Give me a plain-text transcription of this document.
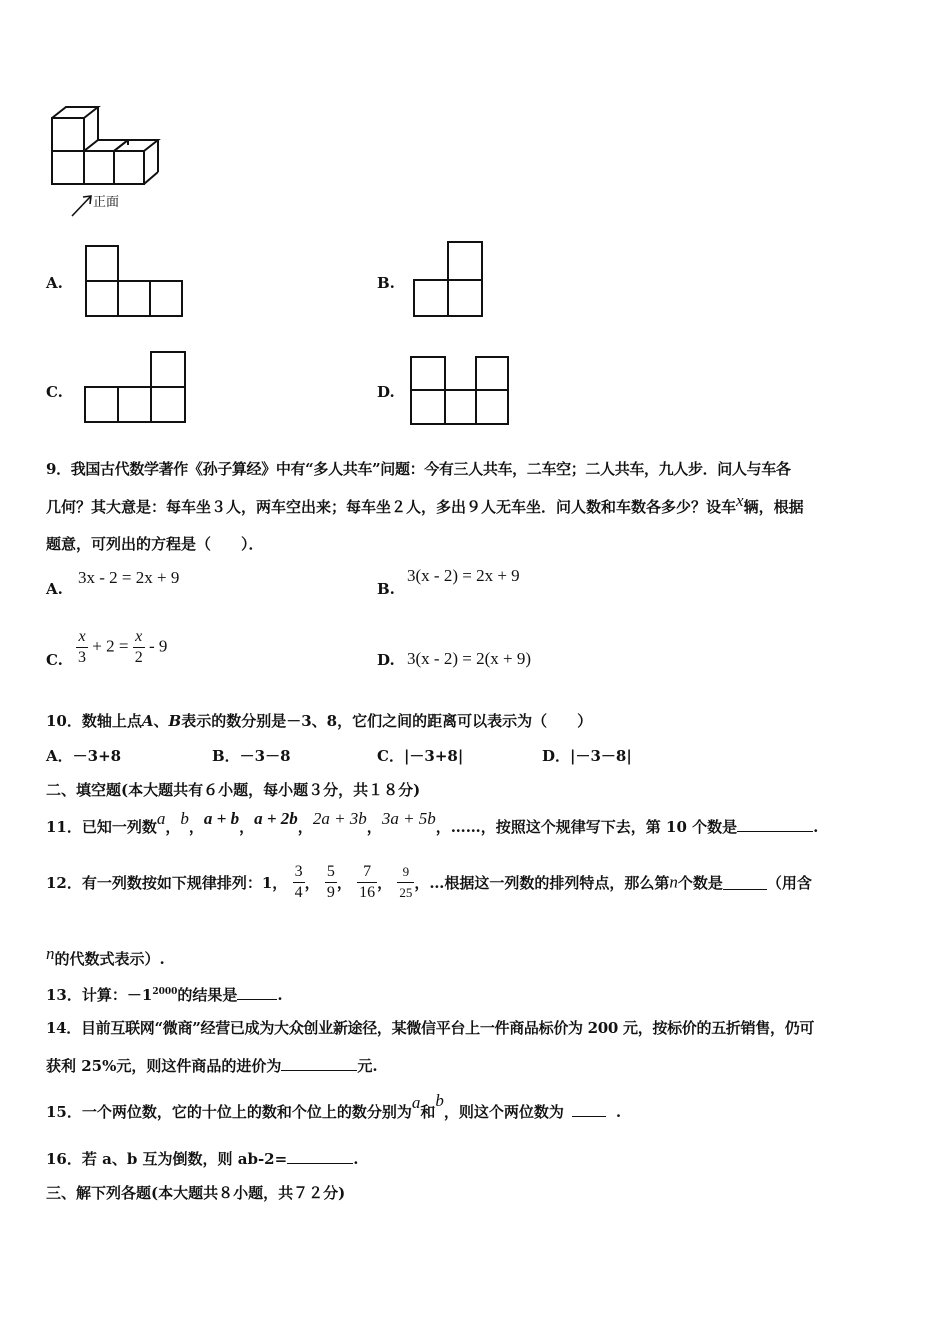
正面
A.	B.
C.	D.
9．我国古代数学著作《孙子算经》中有“多人共车”问题：今有三人共车，二车空；二人共车，九人步．问人与车各
几何？其大意是：每车坐３人，两车空出来；每车坐２人，多出９人无车坐．问人数和车数各多少？设车x辆，根据
题意，可列出的方程是（　　）．
A.
3x - 2 = 2x + 9
B.
3(x - 2) = 2x + 9
C. $\frac{x}{3} + 2 = \frac{x}{2} - 9$
D. 3(x - 2) = 2(x + 9)
10．数轴上点A、B表示的数分别是－3、8，它们之间的距离可以表示为（　　）
A．－3+8	B．－3－8	C．|－3+8|	D．|－3－8|
二、填空题(本大题共有６小题，每小题３分，共１８分)
11．已知一列数a，b，a + b，a + 2b，2a + 3b，3a + 5b，……，按照这个规律写下去，第 10 个数是	.
12．有一列数按如下规律排列：1， $\frac{3}{4}$ ， $\frac{5}{9}$ ， $\frac{7}{16}$ ， $\frac{9}{25}$ ，…根据这一列数的排列特点，那么第n个数是	（用含
n的代数式表示）.
13．计算：$-1^{2000}$的结果是	.
14．目前互联网“微商”经营已成为大众创业新途径，某微信平台上一件商品标价为 200 元，按标价的五折销售，仍可
获利 25%元，则这件商品的进价为	元.
15．一个两位数，它的十位上的数和个位上的数分别为a和b，则这个两位数为	.
16．若 a、b 互为倒数，则 ab-2=	.
三、解下列各题(本大题共８小题，共７２分)
